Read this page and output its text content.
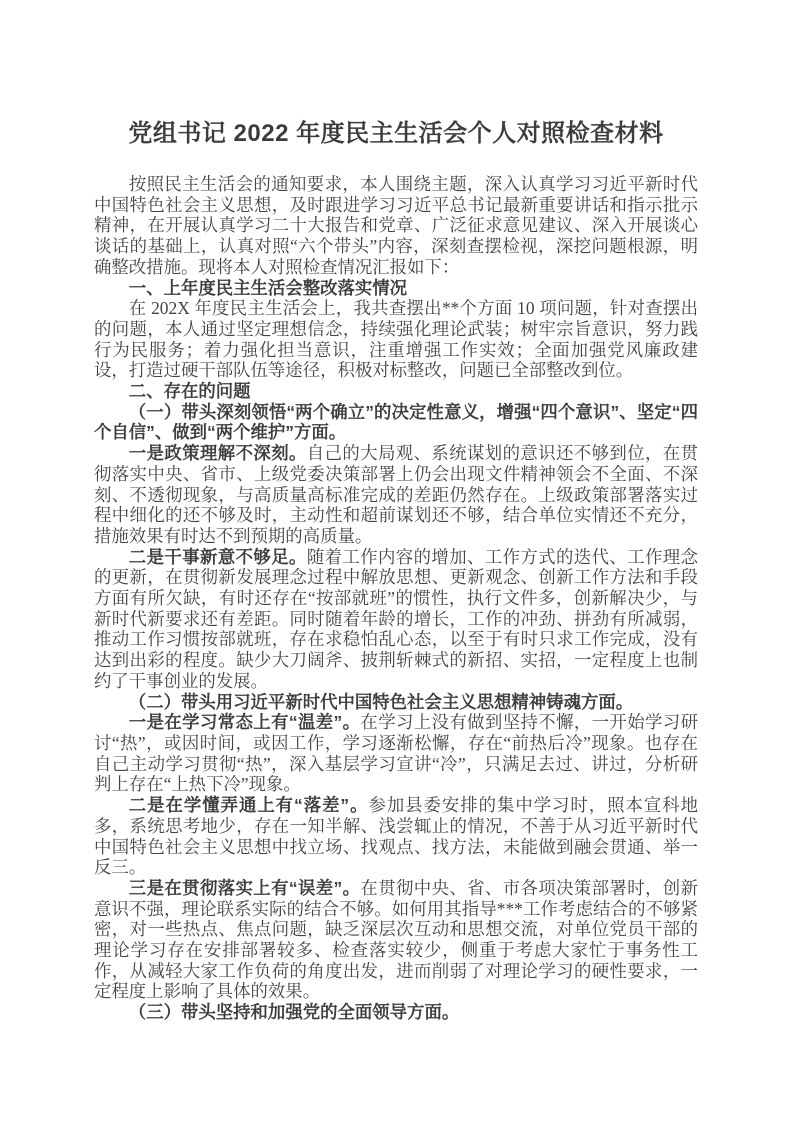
党组书记 2022 年度民主生活会个人对照检查材料

按照民主生活会的通知要求，本人围绕主题，深入认真学习习近平新时代中国特色社会主义思想，及时跟进学习习近平总书记最新重要讲话和指示批示精神，在开展认真学习二十大报告和党章、广泛征求意见建议、深入开展谈心谈话的基础上，认真对照“六个带头”内容，深刻查摆检视，深挖问题根源，明确整改措施。现将本人对照检查情况汇报如下：

一、上年度民主生活会整改落实情况

在 202X 年度民主生活会上，我共查摆出**个方面 10 项问题，针对查摆出的问题，本人通过坚定理想信念，持续强化理论武装；树牢宗旨意识，努力践行为民服务；着力强化担当意识，注重增强工作实效；全面加强党风廉政建设，打造过硬干部队伍等途径，积极对标整改，问题已全部整改到位。

二、存在的问题

（一）带头深刻领悟“两个确立”的决定性意义，增强“四个意识”、坚定“四个自信”、做到“两个维护”方面。

一是政策理解不深刻。自己的大局观、系统谋划的意识还不够到位，在贯彻落实中央、省市、上级党委决策部署上仍会出现文件精神领会不全面、不深刻、不透彻现象，与高质量高标准完成的差距仍然存在。上级政策部署落实过程中细化的还不够及时，主动性和超前谋划还不够，结合单位实情还不充分，措施效果有时达不到预期的高质量。

二是干事新意不够足。随着工作内容的增加、工作方式的迭代、工作理念的更新，在贯彻新发展理念过程中解放思想、更新观念、创新工作方法和手段方面有所欠缺，有时还存在“按部就班”的惯性，执行文件多，创新解决少，与新时代新要求还有差距。同时随着年龄的增长，工作的冲劲、拼劲有所减弱，推动工作习惯按部就班，存在求稳怕乱心态，以至于有时只求工作完成，没有达到出彩的程度。缺少大刀阔斧、披荆斩棘式的新招、实招，一定程度上也制约了干事创业的发展。

（二）带头用习近平新时代中国特色社会主义思想精神铸魂方面。

一是在学习常态上有“温差”。在学习上没有做到坚持不懈，一开始学习研讨“热”，或因时间，或因工作，学习逐渐松懈，存在“前热后冷”现象。也存在自己主动学习贯彻“热”，深入基层学习宣讲“冷”，只满足去过、讲过，分析研判上存在“上热下冷”现象。

二是在学懂弄通上有“落差”。参加县委安排的集中学习时，照本宣科地多，系统思考地少，存在一知半解、浅尝辄止的情况，不善于从习近平新时代中国特色社会主义思想中找立场、找观点、找方法，未能做到融会贯通、举一反三。

三是在贯彻落实上有“误差”。在贯彻中央、省、市各项决策部署时，创新意识不强，理论联系实际的结合不够。如何用其指导***工作考虑结合的不够紧密，对一些热点、焦点问题，缺乏深层次互动和思想交流，对单位党员干部的理论学习存在安排部署较多、检查落实较少，侧重于考虑大家忙于事务性工作，从减轻大家工作负荷的角度出发，进而削弱了对理论学习的硬性要求，一定程度上影响了具体的效果。

（三）带头坚持和加强党的全面领导方面。
